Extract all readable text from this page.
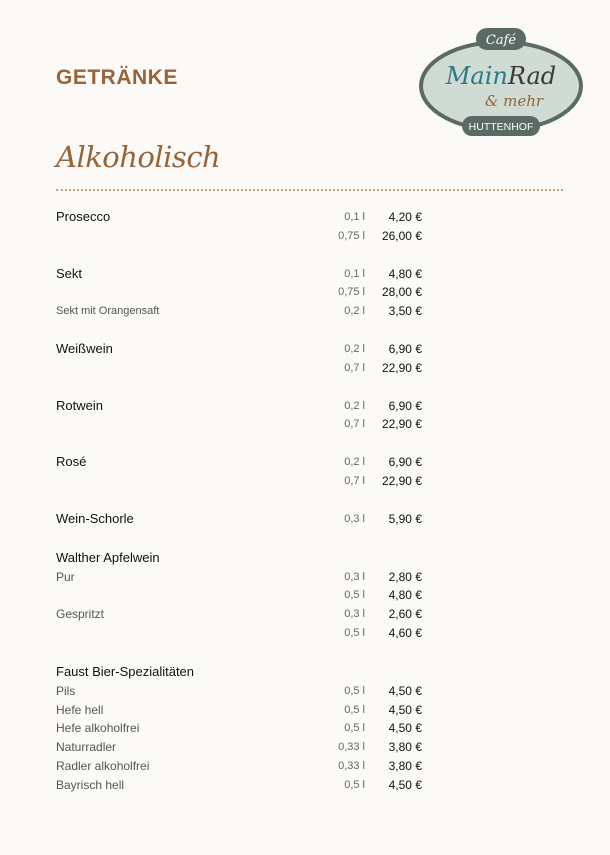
GETRÄNKE
Café
MainRad
& mehr
HUTTENHOF
Alkoholisch
Prosecco	0,1 l 4,20 €
0,75 l 26,00 €
Sekt	0,1 l 4,80 €
0,75 l 28,00 €
Sekt mit Orangensaft	0,2 l 3,50 €
Weißwein	0,2 l 6,90 €
0,7 l 22,90 €
Rotwein	0,2 l 6,90 €
0,7 l 22,90 €
Rosé	0,2 l 6,90 €
0,7 l 22,90 €
Wein-Schorle	0,3 l 5,90 €
Walther Apfelwein
Pur	0,3 l 2,80 €
0,5 l 4,80 €
Gespritzt	0,3 l 2,60 €
0,5 l 4,60 €
Faust Bier-Spezialitäten
Pils	0,5 l 4,50 €
Hefe hell	0,5 l 4,50 €
Hefe alkoholfrei	0,5 l 4,50 €
Naturradler	0,33 l 3,80 €
Radler alkoholfrei	0,33 l 3,80 €
Bayrisch hell	0,5 l 4,50 €
